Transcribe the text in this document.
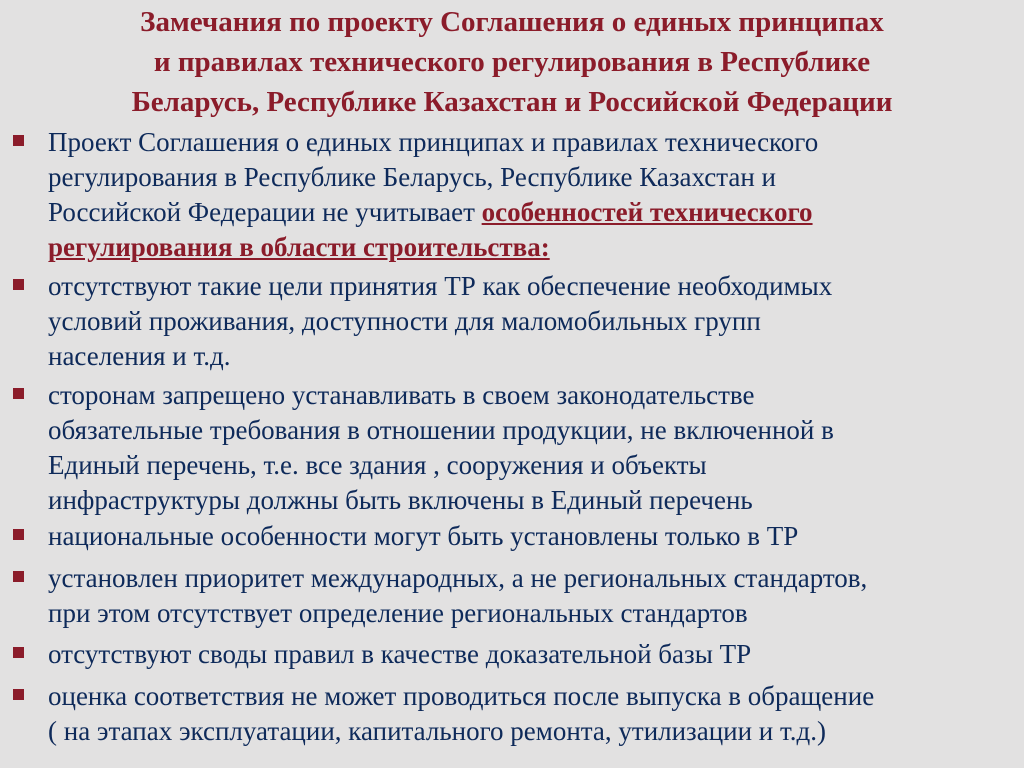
Замечания по проекту Соглашения о единых принципах
и правилах технического регулирования в Республике
Беларусь, Республике Казахстан и Российской Федерации
Проект Соглашения о единых принципах и правилах технического
регулирования в Республике Беларусь, Республике Казахстан и
Российской Федерации не учитывает особенностей технического
регулирования в области строительства:
отсутствуют такие цели принятия ТР как обеспечение необходимых
условий проживания, доступности для маломобильных групп
населения и т.д.
сторонам запрещено устанавливать в своем законодательстве
обязательные требования в отношении продукции, не включенной в
Единый перечень, т.е. все здания , сооружения и объекты
инфраструктуры должны быть включены в Единый перечень
национальные особенности могут быть установлены только в ТР
установлен приоритет международных, а не региональных стандартов,
при этом отсутствует определение региональных стандартов
отсутствуют своды правил в качестве доказательной базы ТР
оценка соответствия не может проводиться после выпуска в обращение
( на этапах эксплуатации, капитального ремонта, утилизации и т.д.)
